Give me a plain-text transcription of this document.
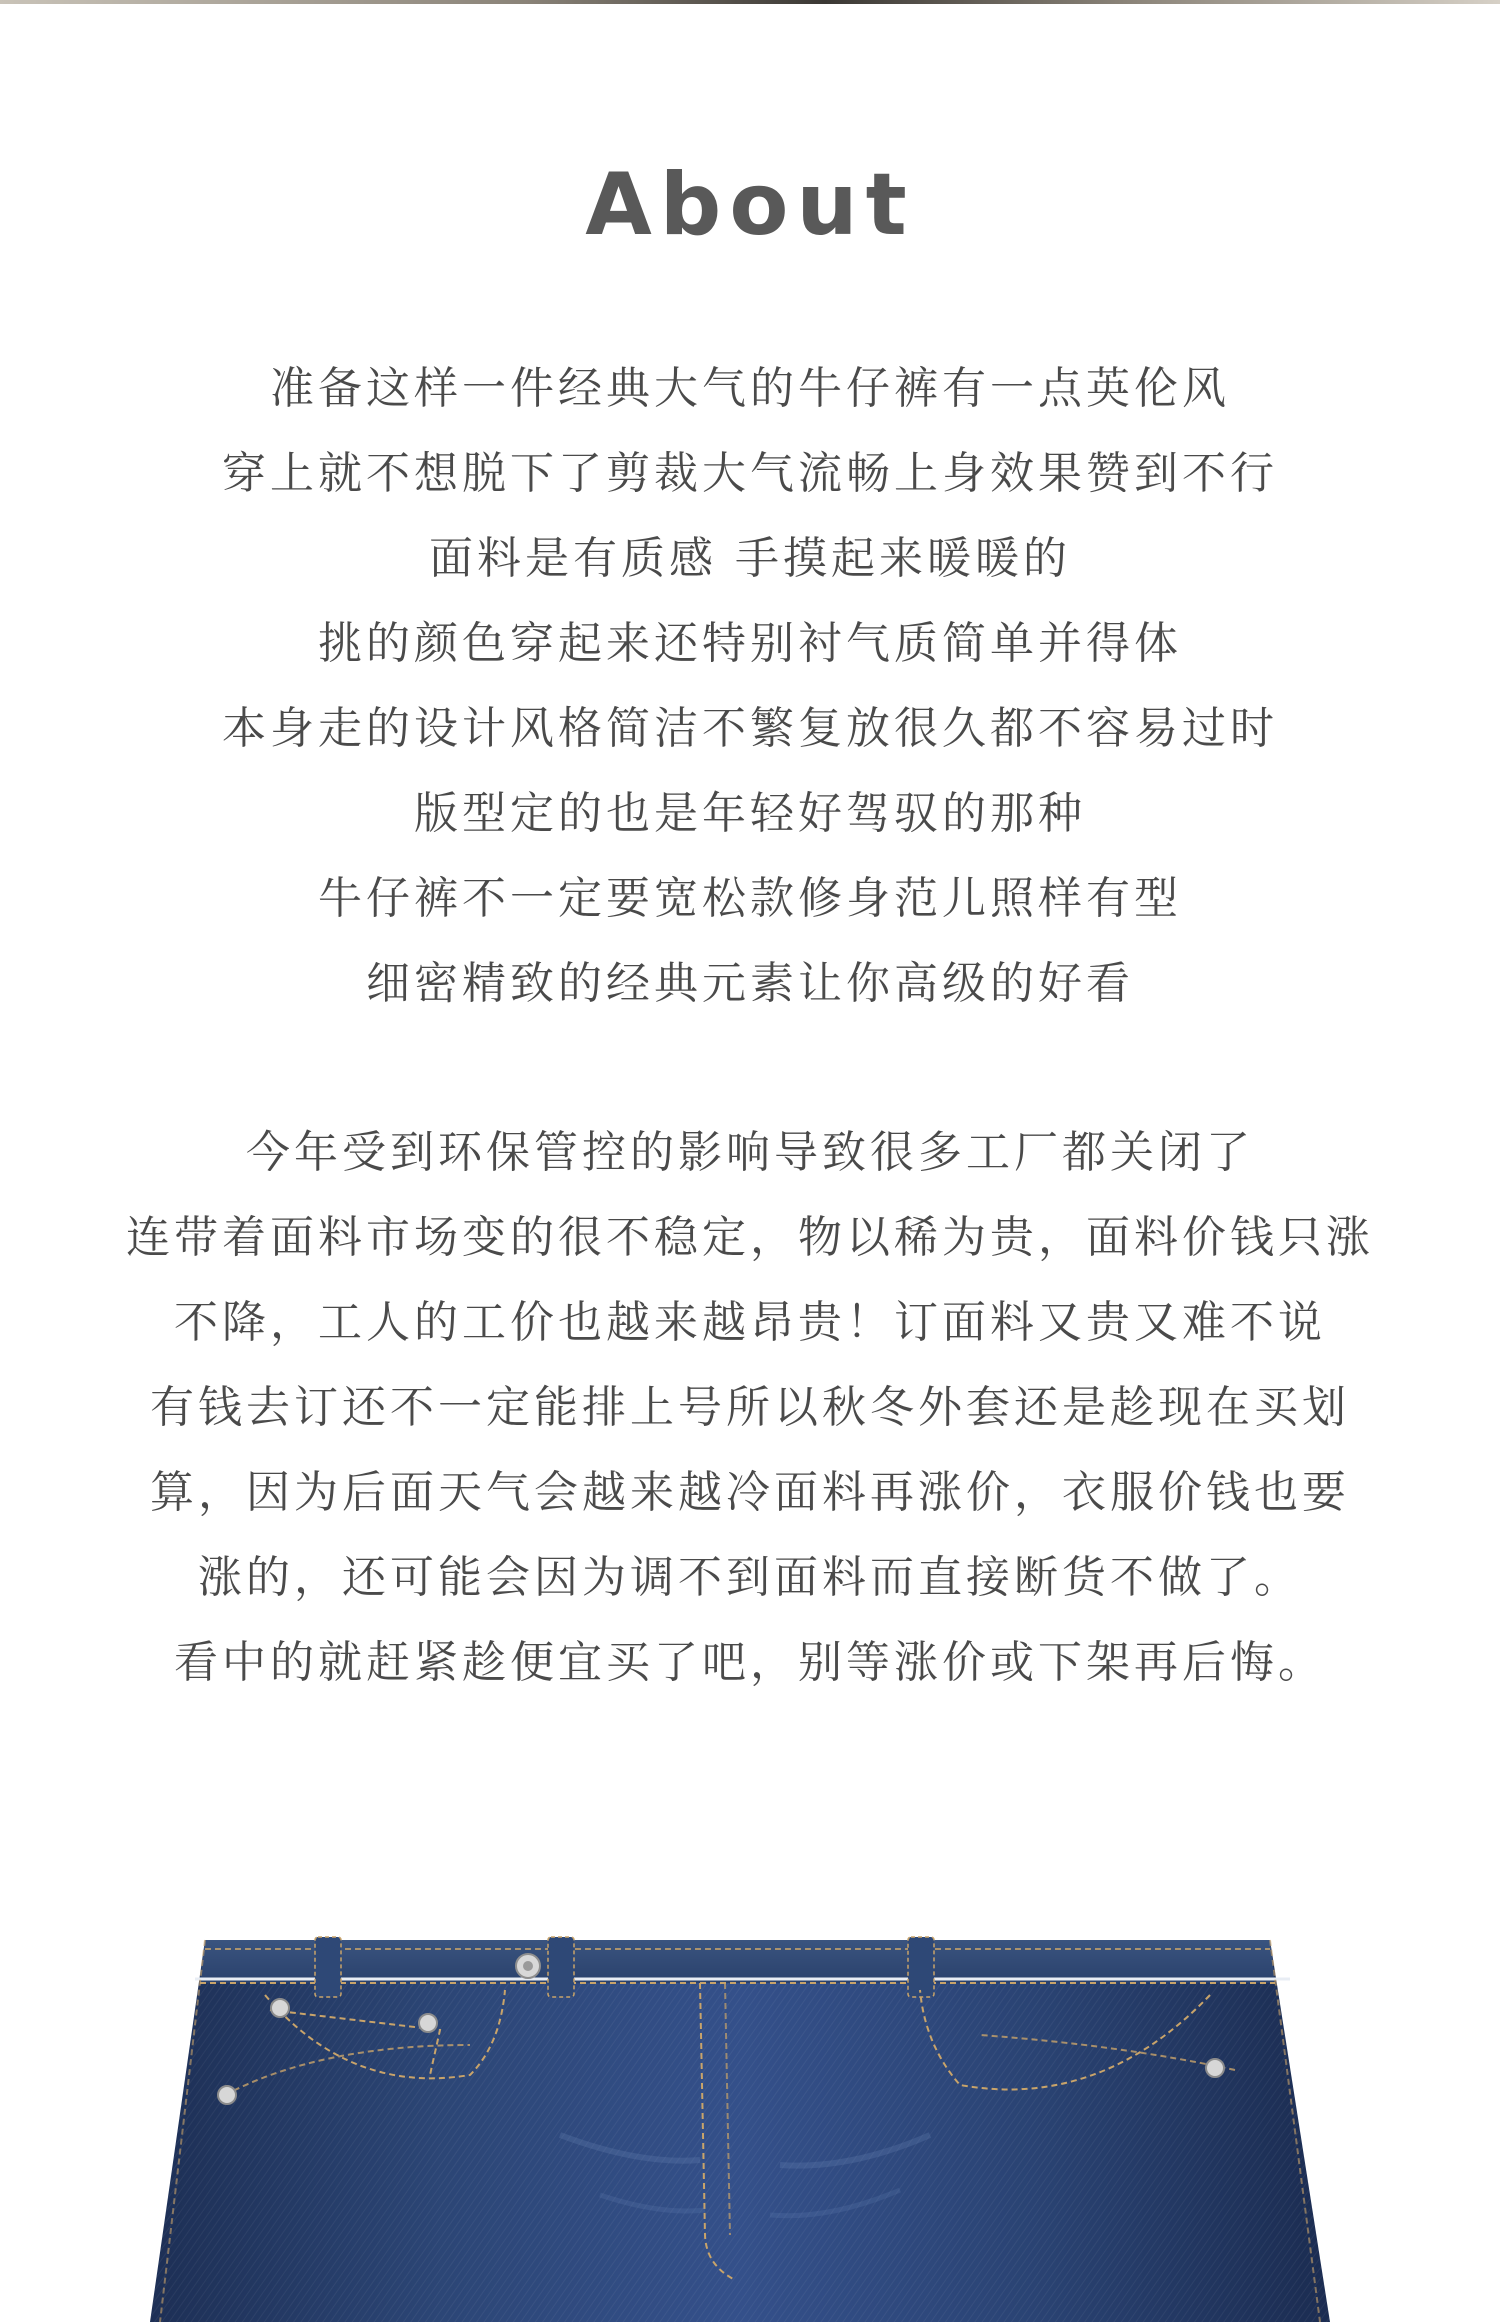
About
准备这样一件经典大气的牛仔裤有一点英伦风
穿上就不想脱下了剪裁大气流畅上身效果赞到不行
面料是有质感 手摸起来暖暖的
挑的颜色穿起来还特别衬气质简单并得体
本身走的设计风格简洁不繁复放很久都不容易过时
版型定的也是年轻好驾驭的那种
牛仔裤不一定要宽松款修身范儿照样有型
细密精致的经典元素让你高级的好看
今年受到环保管控的影响导致很多工厂都关闭了
连带着面料市场变的很不稳定，物以稀为贵，面料价钱只涨
不降，工人的工价也越来越昂贵！订面料又贵又难不说
有钱去订还不一定能排上号所以秋冬外套还是趁现在买划
算，因为后面天气会越来越冷面料再涨价，衣服价钱也要
涨的，还可能会因为调不到面料而直接断货不做了。
看中的就赶紧趁便宜买了吧，别等涨价或下架再后悔。
